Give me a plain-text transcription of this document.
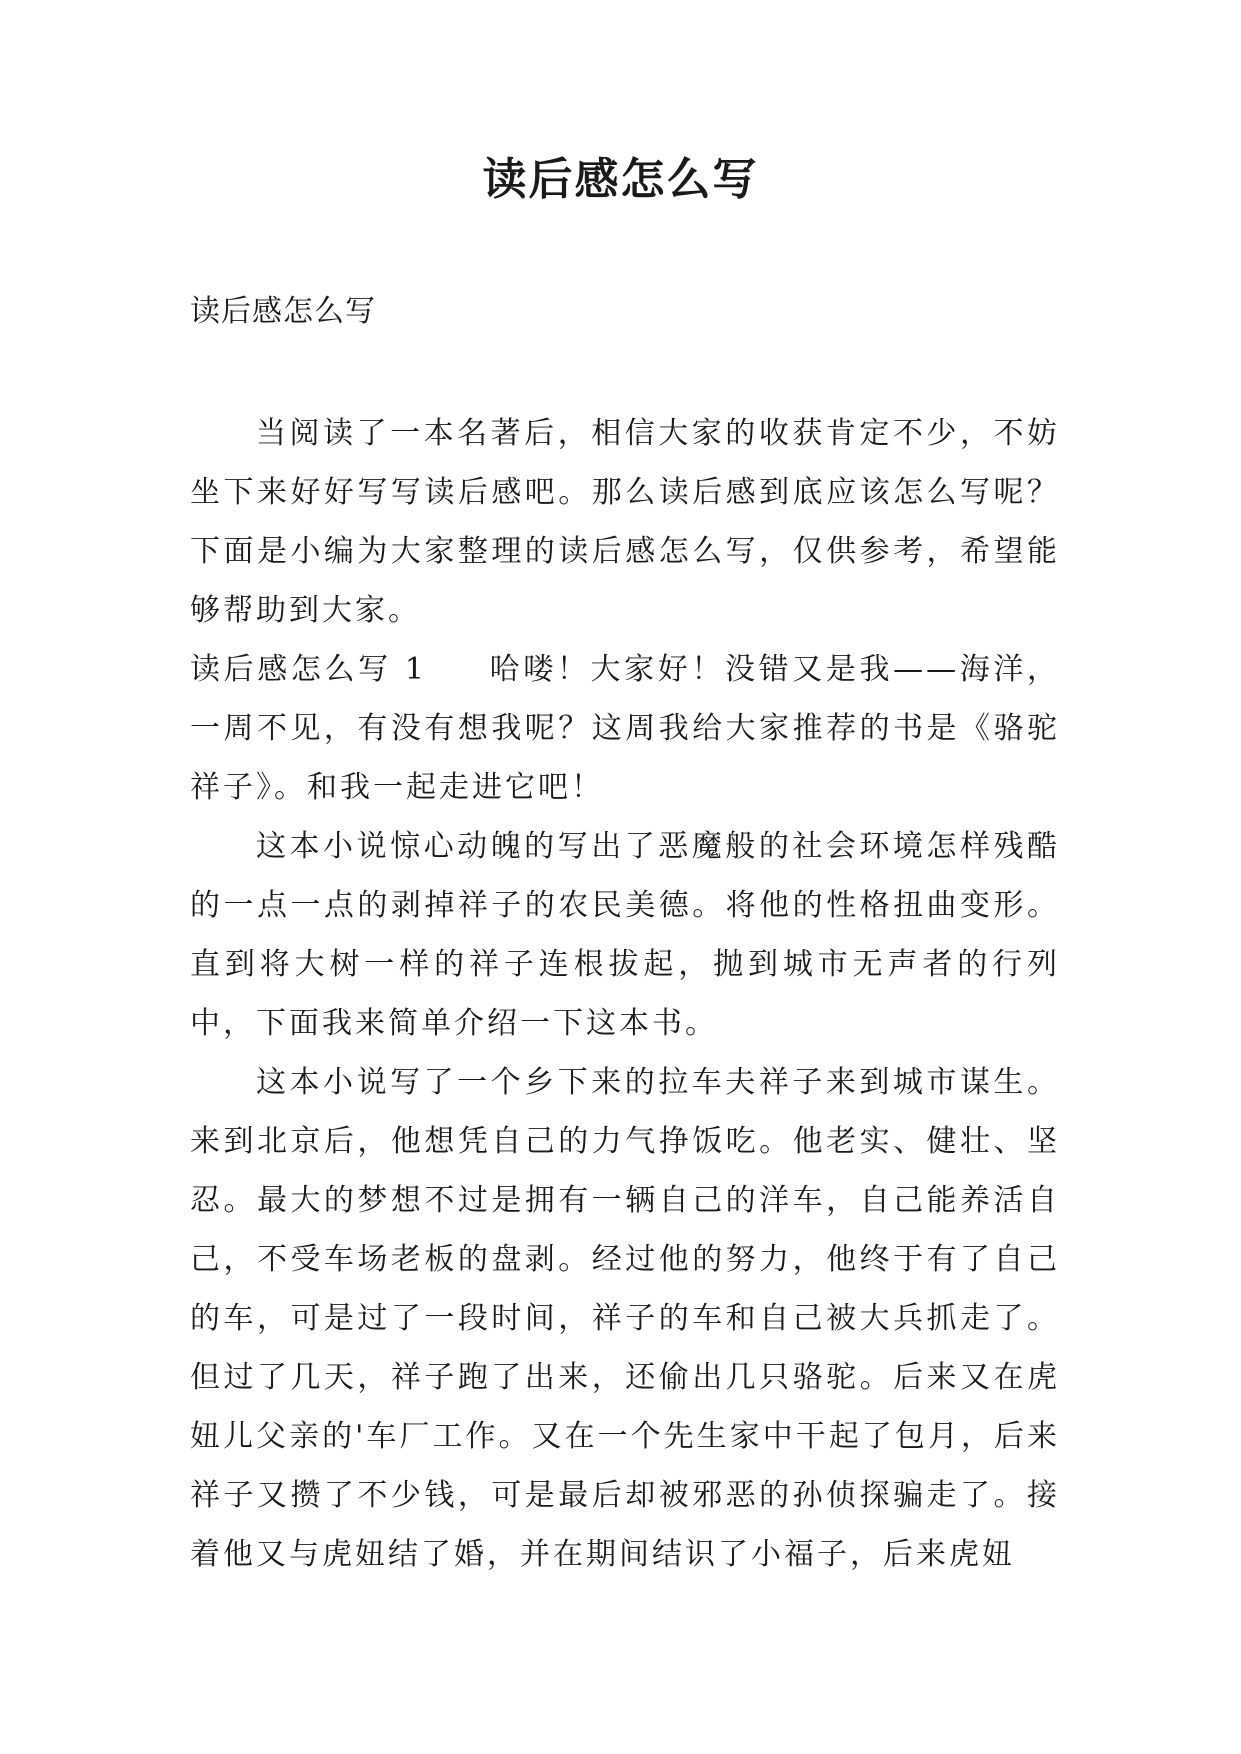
读后感怎么写

读后感怎么写

当阅读了一本名著后，相信大家的收获肯定不少，不妨坐下来好好写写读后感吧。那么读后感到底应该怎么写呢？下面是小编为大家整理的读后感怎么写，仅供参考，希望能够帮助到大家。

读后感怎么写 1 哈喽！大家好！没错又是我——海洋，一周不见，有没有想我呢？这周我给大家推荐的书是《骆驼祥子》。和我一起走进它吧！

这本小说惊心动魄的写出了恶魔般的社会环境怎样残酷的一点一点的剥掉祥子的农民美德。将他的性格扭曲变形。直到将大树一样的祥子连根拔起，抛到城市无声者的行列中，下面我来简单介绍一下这本书。

这本小说写了一个乡下来的拉车夫祥子来到城市谋生。来到北京后，他想凭自己的力气挣饭吃。他老实、健壮、坚忍。最大的梦想不过是拥有一辆自己的洋车，自己能养活自己，不受车场老板的盘剥。经过他的努力，他终于有了自己的车，可是过了一段时间，祥子的车和自己被大兵抓走了。但过了几天，祥子跑了出来，还偷出几只骆驼。后来又在虎妞儿父亲的'车厂工作。又在一个先生家中干起了包月，后来祥子又攒了不少钱，可是最后却被邪恶的孙侦探骗走了。接着他又与虎妞结了婚，并在期间结识了小福子，后来虎妞
